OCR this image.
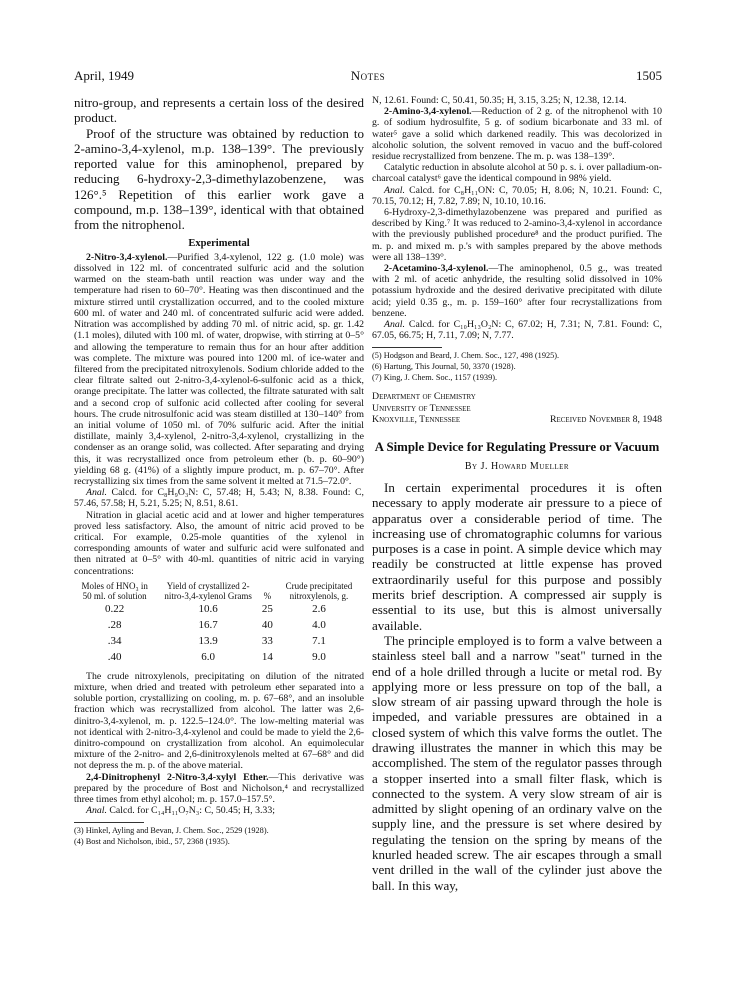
April, 1949	Notes	1505

nitro-group, and represents a certain loss of the desired product.

Proof of the structure was obtained by reduction to 2-amino-3,4-xylenol, m.p. 138–139°. The previously reported value for this aminophenol, prepared by reducing 6-hydroxy-2,3-dimethylazobenzene, was 126°.⁵ Repetition of this earlier work gave a compound, m.p. 138–139°, identical with that obtained from the nitrophenol.

Experimental

2-Nitro-3,4-xylenol.—Purified 3,4-xylenol, 122 g. (1.0 mole) was dissolved in 122 ml. of concentrated sulfuric acid and the solution warmed on the steam-bath until reaction was under way and the temperature had risen to 60–70°. Heating was then discontinued and the mixture stirred until crystallization occurred, and to the cooled mixture 600 ml. of water and 240 ml. of concentrated sulfuric acid were added. Nitration was accomplished by adding 70 ml. of nitric acid, sp. gr. 1.42 (1.1 moles), diluted with 100 ml. of water, dropwise, with stirring at 0–5° and allowing the temperature to remain thus for an hour after addition was complete. The mixture was poured into 1200 ml. of ice-water and filtered from the precipitated nitroxylenols. Sodium chloride added to the clear filtrate salted out 2-nitro-3,4-xylenol-6-sulfonic acid as a thick, orange precipitate. The latter was collected, the filtrate saturated with salt and a second crop of sulfonic acid collected after cooling for several hours. The crude nitrosulfonic acid was steam distilled at 130–140° from an initial volume of 1050 ml. of 70% sulfuric acid. After the initial distillate, mainly 3,4-xylenol, 2-nitro-3,4-xylenol, crystallizing in the condenser as an orange solid, was collected. After separating and drying this, it was recrystallized once from petroleum ether (b. p. 60–90°) yielding 68 g. (41%) of a slightly impure product, m. p. 67–70°. After recrystallizing six times from the same solvent it melted at 71.5–72.0°.

Anal. Calcd. for C₈H₉O₃N: C, 57.48; H, 5.43; N, 8.38. Found: C, 57.46, 57.58; H, 5.21, 5.25; N, 8.51, 8.61.

Nitration in glacial acetic acid and at lower and higher temperatures proved less satisfactory. Also, the amount of nitric acid proved to be critical. For example, 0.25-mole quantities of the xylenol in corresponding amounts of water and sulfuric acid were sulfonated and then nitrated at 0–5° with 40-ml. quantities of nitric acid in varying concentrations:

Moles of HNO₃ in 50 ml. of solution	Yield of crystallized 2-nitro-3,4-xylenol Grams	%	Crude precipitated nitroxylenols, g.
0.22	10.6	25	2.6
.28	16.7	40	4.0
.34	13.9	33	7.1
.40	6.0	14	9.0

The crude nitroxylenols, precipitating on dilution of the nitrated mixture, when dried and treated with petroleum ether separated into a soluble portion, crystallizing on cooling, m. p. 67–68°, and an insoluble fraction which was recrystallized from alcohol. The latter was 2,6-dinitro-3,4-xylenol, m. p. 122.5–124.0°. The low-melting material was not identical with 2-nitro-3,4-xylenol and could be made to yield the 2,6-dinitro-compound on crystallization from alcohol. An equimolecular mixture of the 2-nitro- and 2,6-dinitroxylenols melted at 67–68° and did not depress the m. p. of the above material.

2,4-Dinitrophenyl 2-Nitro-3,4-xylyl Ether.—This derivative was prepared by the procedure of Bost and Nicholson,⁴ and recrystallized three times from ethyl alcohol; m. p. 157.0–157.5°.

Anal. Calcd. for C₁₄H₁₁O₇N₃: C, 50.45; H, 3.33;

(3) Hinkel, Ayling and Bevan, J. Chem. Soc., 2529 (1928).
(4) Bost and Nicholson, ibid., 57, 2368 (1935).

N, 12.61. Found: C, 50.41, 50.35; H, 3.15, 3.25; N, 12.38, 12.14.

2-Amino-3,4-xylenol.—Reduction of 2 g. of the nitrophenol with 10 g. of sodium hydrosulfite, 5 g. of sodium bicarbonate and 33 ml. of water⁵ gave a solid which darkened readily. This was decolorized in alcoholic solution, the solvent removed in vacuo and the buff-colored residue recrystallized from benzene. The m. p. was 138–139°.

Catalytic reduction in absolute alcohol at 50 p. s. i. over palladium-on-charcoal catalyst⁶ gave the identical compound in 98% yield.

Anal. Calcd. for C₈H₁₁ON: C, 70.05; H, 8.06; N, 10.21. Found: C, 70.15, 70.12; H, 7.82, 7.89; N, 10.10, 10.16.

6-Hydroxy-2,3-dimethylazobenzene was prepared and purified as described by King.⁷ It was reduced to 2-amino-3,4-xylenol in accordance with the previously published procedure⁸ and the product purified. The m. p. and mixed m. p.'s with samples prepared by the above methods were all 138–139°.

2-Acetamino-3,4-xylenol.—The aminophenol, 0.5 g., was treated with 2 ml. of acetic anhydride, the resulting solid dissolved in 10% potassium hydroxide and the desired derivative precipitated with dilute acid; yield 0.35 g., m. p. 159–160° after four recrystallizations from benzene.

Anal. Calcd. for C₁₀H₁₃O₂N: C, 67.02; H, 7.31; N, 7.81. Found: C, 67.05, 66.75; H, 7.11, 7.09; N, 7.77.

(5) Hodgson and Beard, J. Chem. Soc., 127, 498 (1925).
(6) Hartung, This Journal, 50, 3370 (1928).
(7) King, J. Chem. Soc., 1157 (1939).
Department of Chemistry
University of Tennessee
Knoxville, Tennessee	Received November 8, 1948
A Simple Device for Regulating Pressure or Vacuum
By J. Howard Mueller

In certain experimental procedures it is often necessary to apply moderate air pressure to a piece of apparatus over a considerable period of time. The increasing use of chromatographic columns for various purposes is a case in point. A simple device which may readily be constructed at little expense has proved extraordinarily useful for this purpose and possibly merits brief description. A compressed air supply is essential to its use, but this is almost universally available.

The principle employed is to form a valve between a stainless steel ball and a narrow "seat" turned in the end of a hole drilled through a lucite or metal rod. By applying more or less pressure on top of the ball, a slow stream of air passing upward through the hole is impeded, and variable pressures are obtained in a closed system of which this valve forms the outlet. The drawing illustrates the manner in which this may be accomplished. The stem of the regulator passes through a stopper inserted into a small filter flask, which is connected to the system. A very slow stream of air is admitted by slight opening of an ordinary valve on the supply line, and the pressure is set where desired by regulating the tension on the spring by means of the knurled headed screw. The air escapes through a small vent drilled in the wall of the cylinder just above the ball. In this way,
